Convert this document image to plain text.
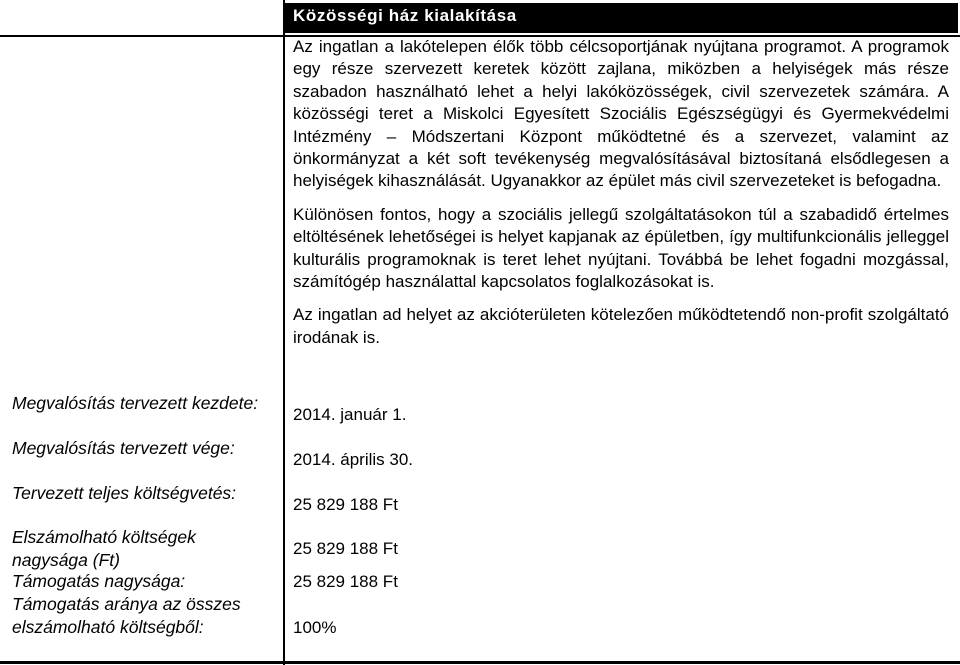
Közösségi ház kialakítása

Az ingatlan a lakótelepen élők több célcsoportjának nyújtana programot. A programok egy része szervezett keretek között zajlana, miközben a helyiségek más része szabadon használható lehet a helyi lakóközösségek, civil szervezetek számára. A közösségi teret a Miskolci Egyesített Szociális Egészségügyi és Gyermekvédelmi Intézmény – Módszertani Központ működtetné és a szervezet, valamint az önkormányzat a két soft tevékenység megvalósításával biztosítaná elsődlegesen a helyiségek kihasználását. Ugyanakkor az épület más civil szervezeteket is befogadna.

Különösen fontos, hogy a szociális jellegű szolgáltatásokon túl a szabadidő értelmes eltöltésének lehetőségei is helyet kapjanak az épületben, így multifunkcionális jelleggel kulturális programoknak is teret lehet nyújtani. Továbbá be lehet fogadni mozgással, számítógép használattal kapcsolatos foglalkozásokat is.

Az ingatlan ad helyet az akcióterületen kötelezően működtetendő non-profit szolgáltató irodának is.

Megvalósítás tervezett kezdete:
2014. január 1.
Megvalósítás tervezett vége:
2014. április 30.
Tervezett teljes költségvetés:
25 829 188 Ft
Elszámolható költségek nagysága (Ft)
25 829 188 Ft
Támogatás nagysága:	25 829 188 Ft
Támogatás aránya az összes elszámolható költségből:	100%
